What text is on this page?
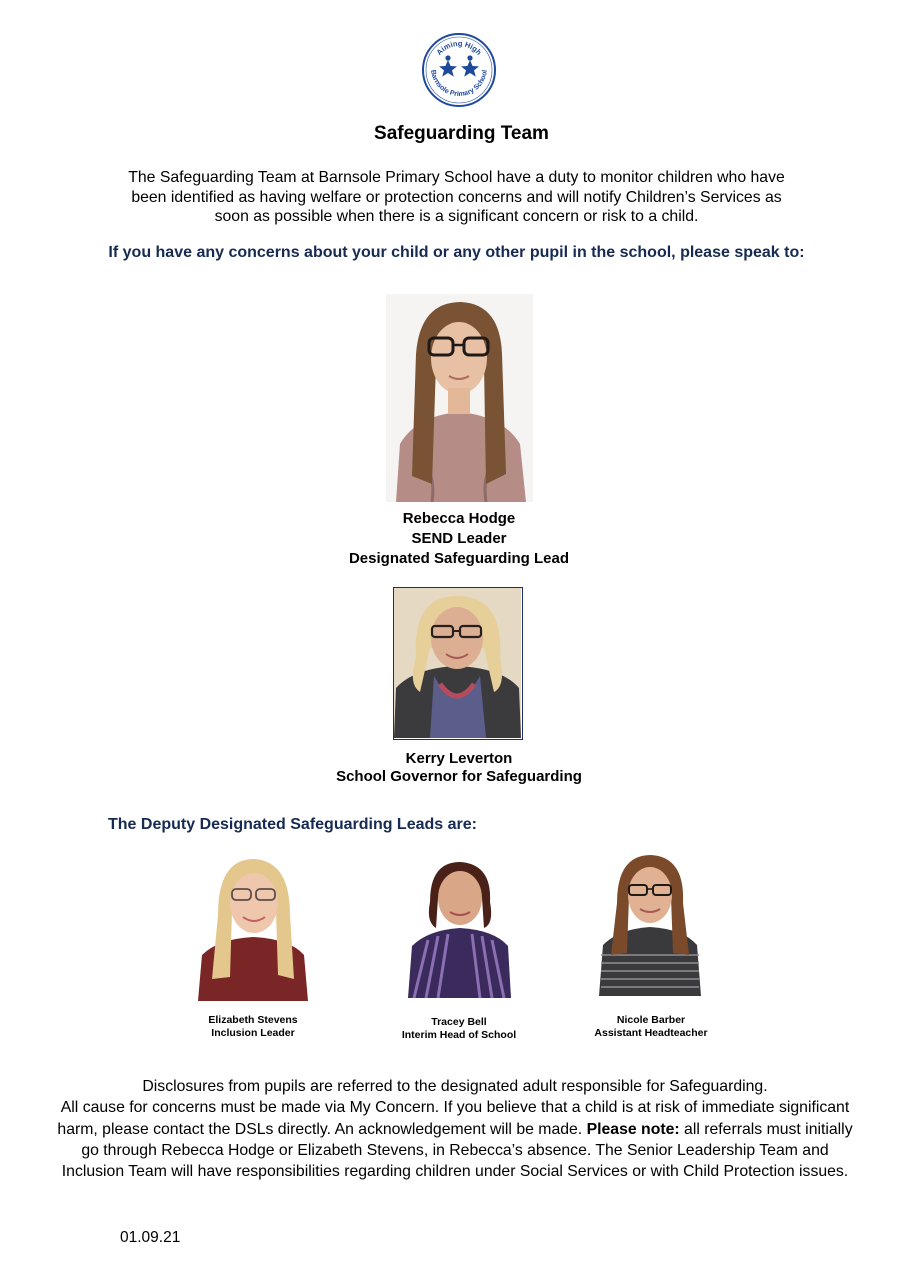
Aiming High
Barnsole Primary School
Safeguarding Team
The Safeguarding Team at Barnsole Primary School have a duty to monitor children who have
been identified as having welfare or protection concerns and will notify Children’s Services as
soon as possible when there is a significant concern or risk to a child.
If you have any concerns about your child or any other pupil in the school, please speak to:
Rebecca Hodge
SEND Leader
Designated Safeguarding Lead
Kerry Leverton
School Governor for Safeguarding
The Deputy Designated Safeguarding Leads are:
Elizabeth Stevens
Inclusion Leader
Tracey Bell
Interim Head of School
Nicole Barber
Assistant Headteacher
Disclosures from pupils are referred to the designated adult responsible for Safeguarding.
All cause for concerns must be made via My Concern. If you believe that a child is at risk of immediate significant
harm, please contact the DSLs directly. An acknowledgement will be made. Please note: all referrals must initially
go through Rebecca Hodge or Elizabeth Stevens, in Rebecca’s absence. The Senior Leadership Team and
Inclusion Team will have responsibilities regarding children under Social Services or with Child Protection issues.
01.09.21
